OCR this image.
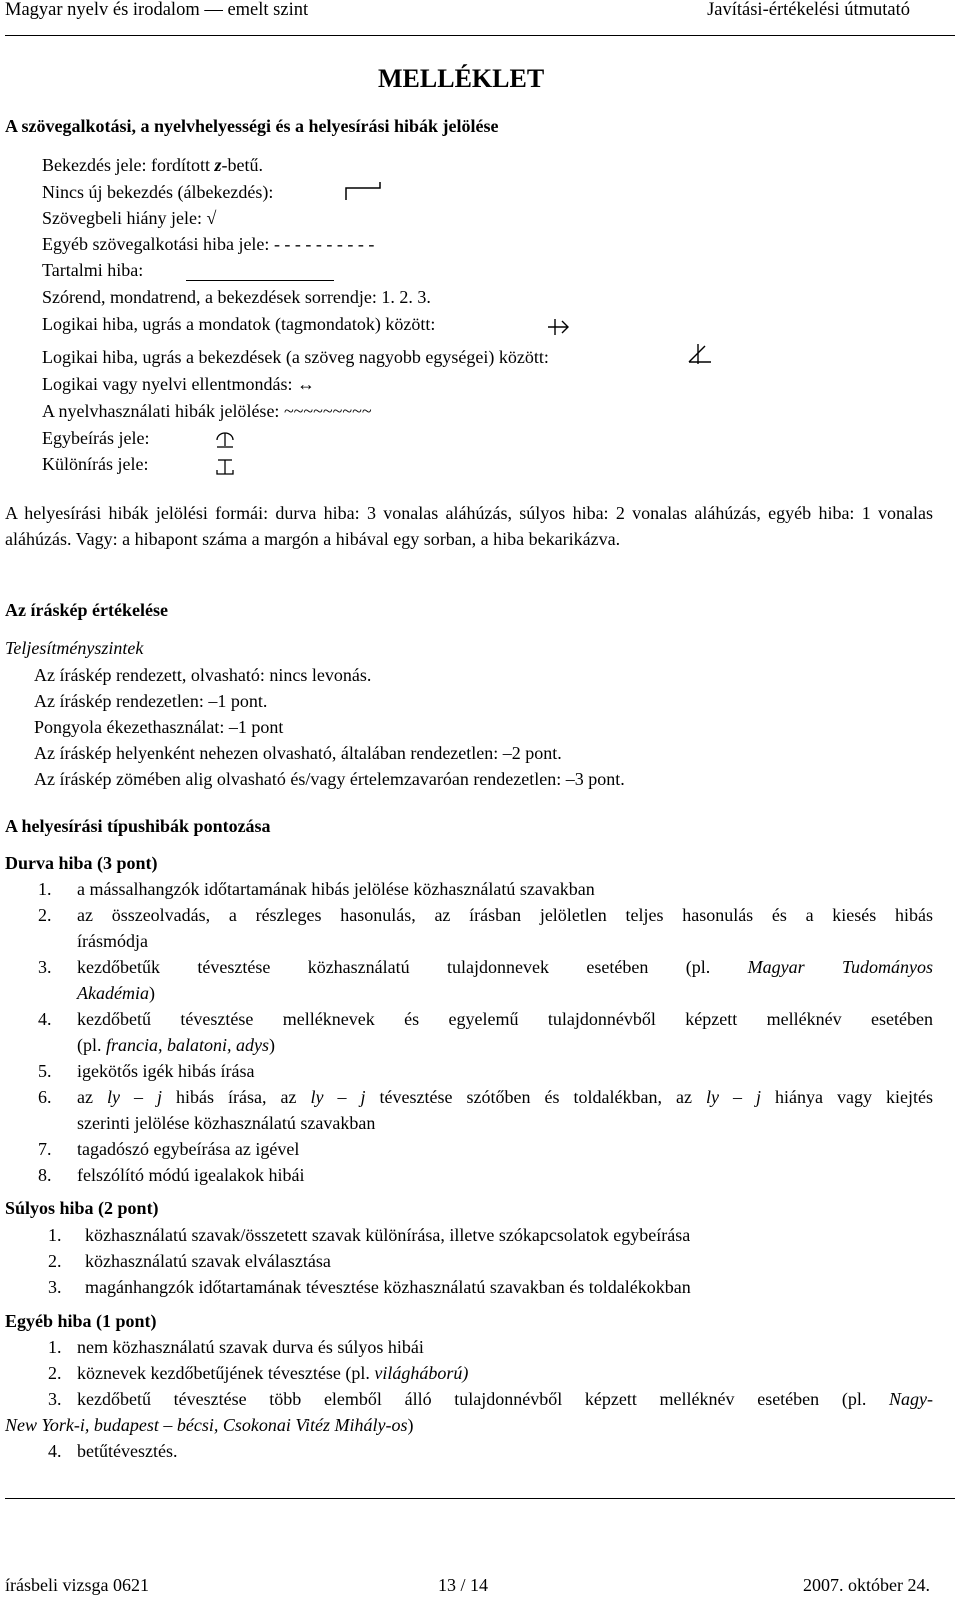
Magyar nyelv és irodalom — emelt szint	Javítási-értékelési útmutató
MELLÉKLET
A szövegalkotási, a nyelvhelyességi és a helyesírási hibák jelölése
Bekezdés jele: fordított z-betű.
Nincs új bekezdés (álbekezdés):
Szövegbeli hiány jele: √
Egyéb szövegalkotási hiba jele: - - - - - - - - - -
Tartalmi hiba:
Szórend, mondatrend, a bekezdések sorrendje: 1. 2. 3.
Logikai hiba, ugrás a mondatok (tagmondatok) között:
Logikai hiba, ugrás a bekezdések (a szöveg nagyobb egységei) között:
Logikai vagy nyelvi ellentmondás: ↔
A nyelvhasználati hibák jelölése: ~~~~~~~~~
Egybeírás jele:
Különírás jele:
A helyesírási hibák jelölési formái: durva hiba: 3 vonalas aláhúzás, súlyos hiba: 2 vonalas aláhúzás, egyéb hiba: 1 vonalas aláhúzás. Vagy: a hibapont száma a margón a hibával egy sorban, a hiba bekarikázva.
Az íráskép értékelése
Teljesítményszintek
Az íráskép rendezett, olvasható: nincs levonás.
Az íráskép rendezetlen: –1 pont.
Pongyola ékezethasználat: –1 pont
Az íráskép helyenként nehezen olvasható, általában rendezetlen: –2 pont.
Az íráskép zömében alig olvasható és/vagy értelemzavaróan rendezetlen: –3 pont.
A helyesírási típushibák pontozása
Durva hiba (3 pont)
1. a mássalhangzók időtartamának hibás jelölése közhasználatú szavakban
2. az összeolvadás, a részleges hasonulás, az írásban jelöletlen teljes hasonulás és a kiesés hibás
írásmódja
3. kezdőbetűk tévesztése közhasználatú tulajdonnevek esetében (pl. Magyar Tudományos
Akadémia)
4. kezdőbetű tévesztése melléknevek és egyelemű tulajdonnévből képzett melléknév esetében
(pl. francia, balatoni, adys)
5. igekötős igék hibás írása
6. az ly – j hibás írása, az ly – j tévesztése szótőben és toldalékban, az ly – j hiánya vagy kiejtés
szerinti jelölése közhasználatú szavakban
7. tagadószó egybeírása az igével
8. felszólító módú igealakok hibái
Súlyos hiba (2 pont)
1. közhasználatú szavak/összetett szavak különírása, illetve szókapcsolatok egybeírása
2. közhasználatú szavak elválasztása
3. magánhangzók időtartamának tévesztése közhasználatú szavakban és toldalékokban
Egyéb hiba (1 pont)
1. nem közhasználatú szavak durva és súlyos hibái
2. köznevek kezdőbetűjének tévesztése (pl. világháború)
3. kezdőbetű tévesztése több elemből álló tulajdonnévből képzett melléknév esetében (pl. Nagy-
New York-i, budapest – bécsi, Csokonai Vitéz Mihály-os)
4. betűtévesztés.
írásbeli vizsga 0621	13 / 14	2007. október 24.
